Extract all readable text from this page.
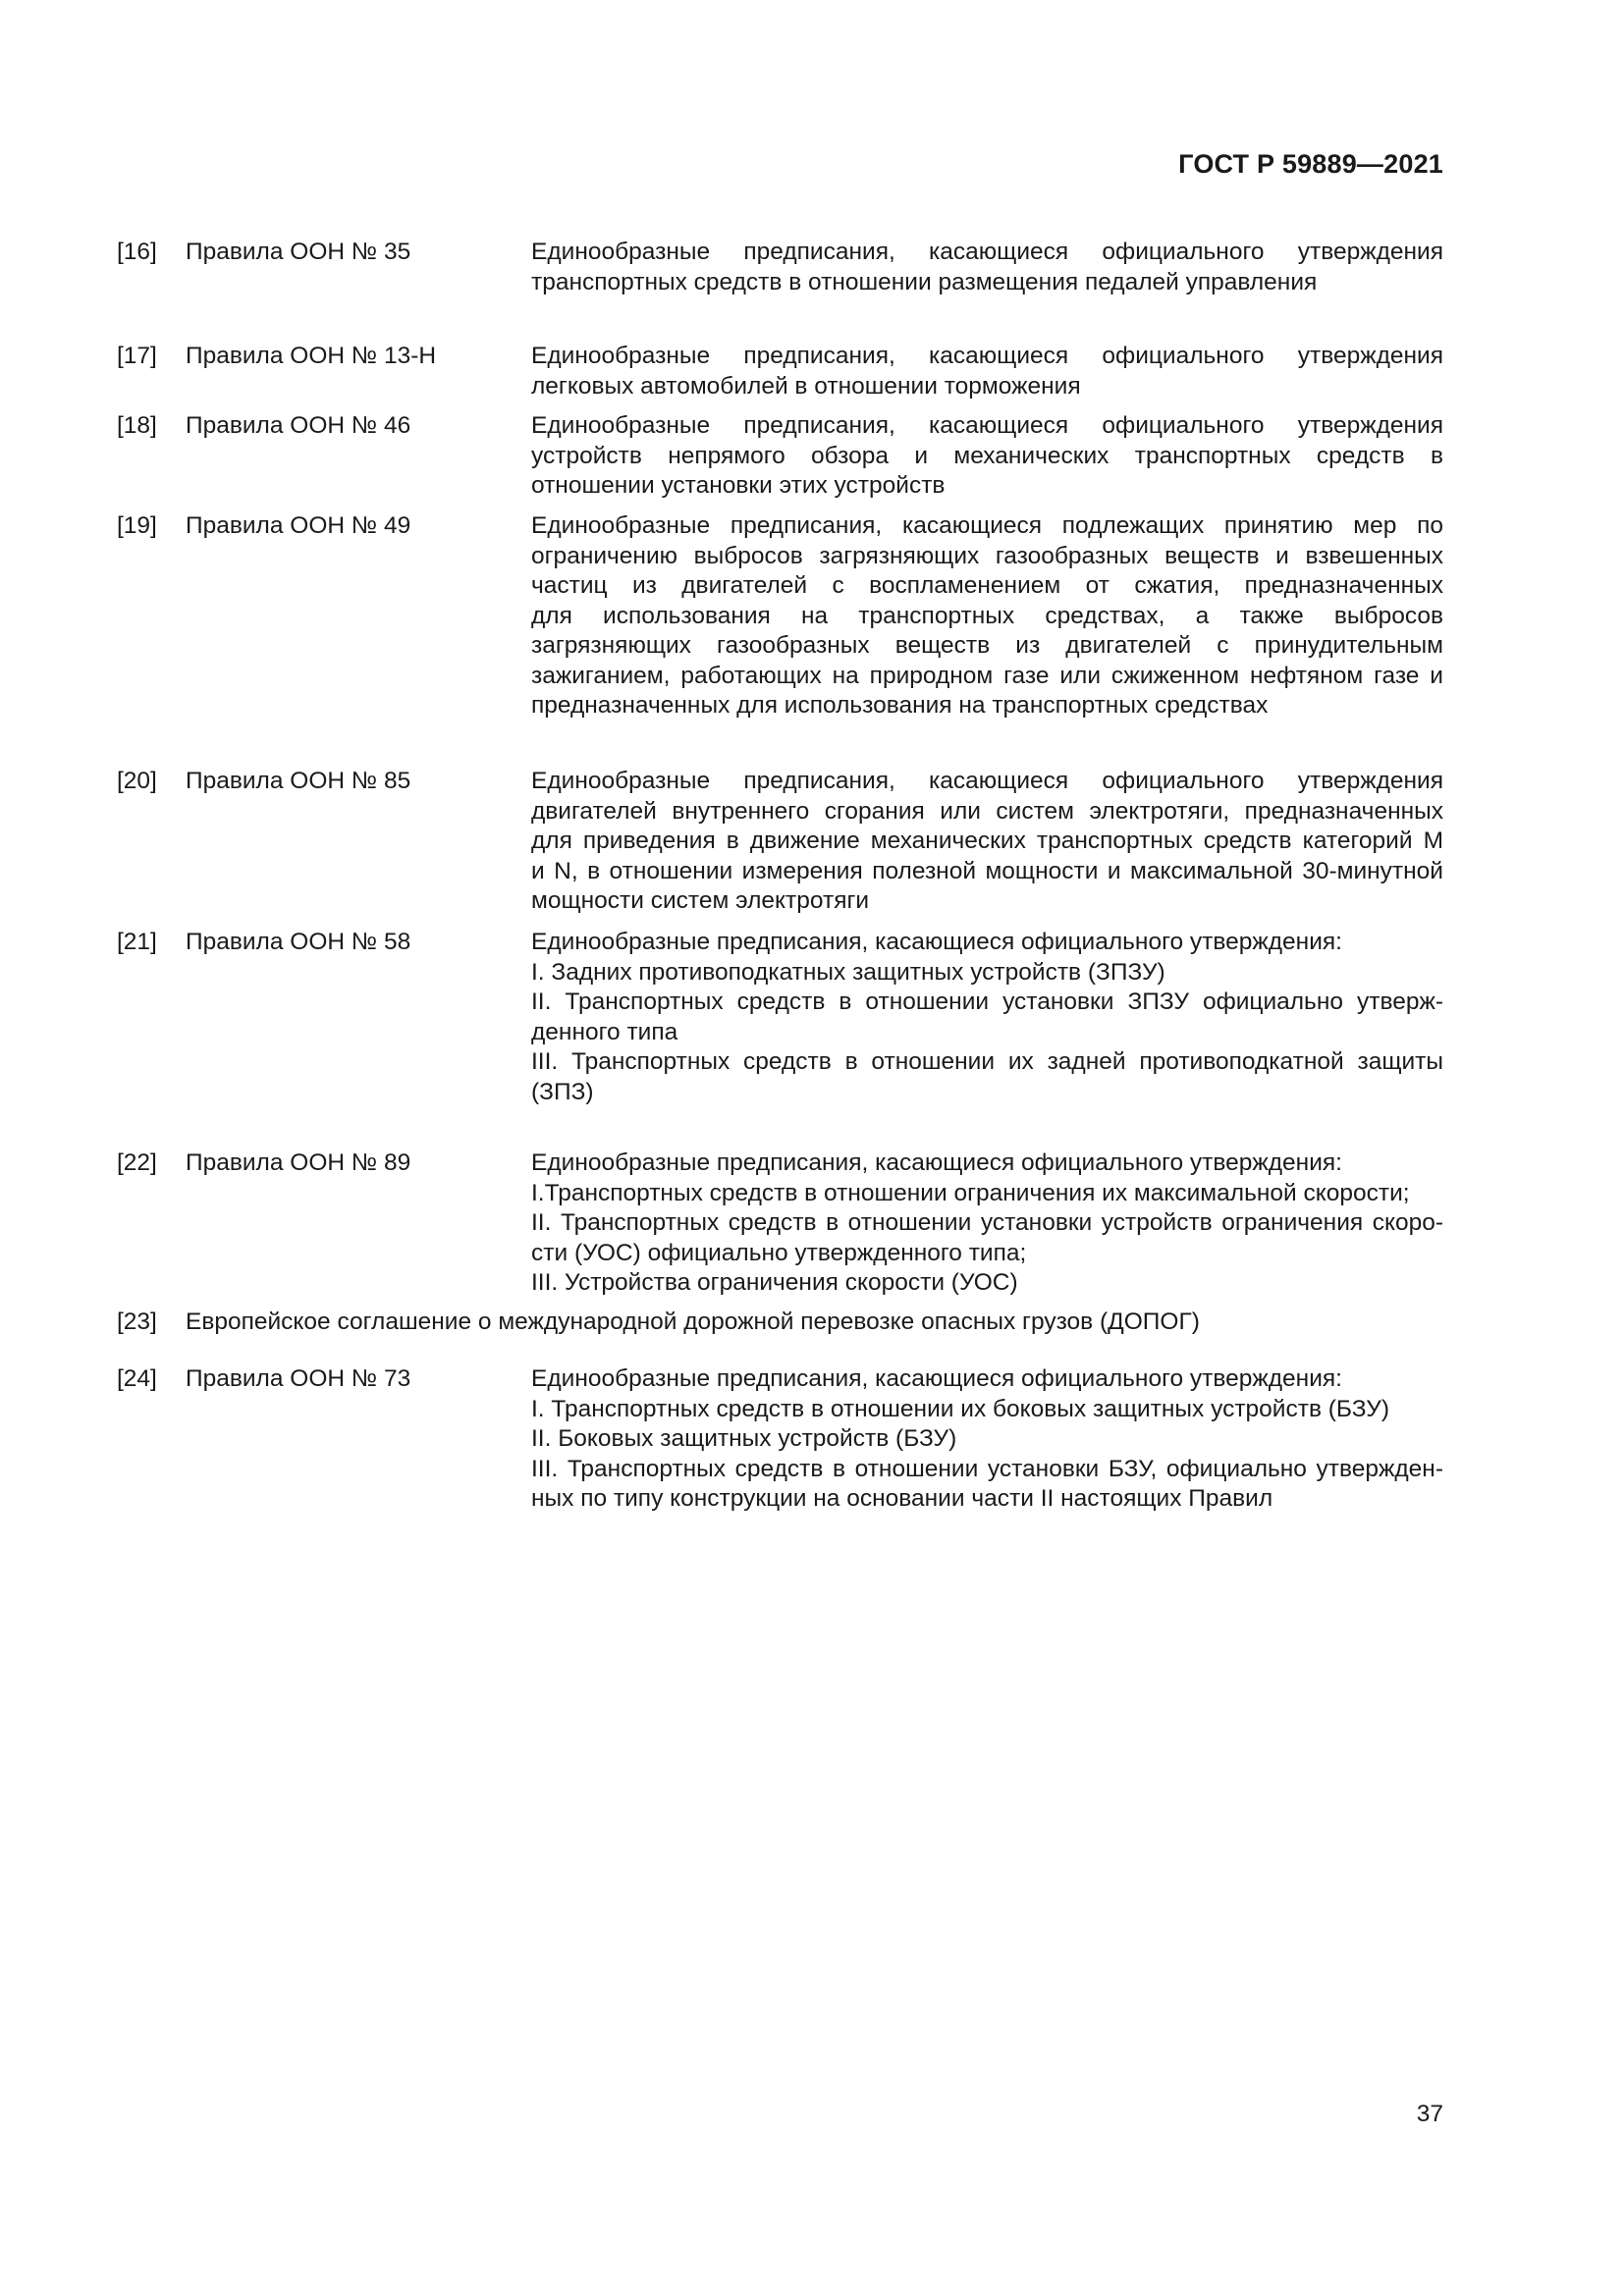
ГОСТ Р 59889—2021
[16]	Правила ООН № 35	Единообразные предписания, касающиеся официального утверждения
транспортных средств в отношении размещения педалей управления
[17]	Правила ООН № 13-Н	Единообразные предписания, касающиеся официального утверждения
легковых автомобилей в отношении торможения
[18]	Правила ООН № 46	Единообразные предписания, касающиеся официального утверждения
устройств непрямого обзора и механических транспортных средств в
отношении установки этих устройств
[19]	Правила ООН № 49	Единообразные предписания, касающиеся подлежащих принятию мер по
ограничению выбросов загрязняющих газообразных веществ и взвешенных
частиц из двигателей с воспламенением от сжатия, предназначенных
для использования на транспортных средствах, а также выбросов
загрязняющих газообразных веществ из двигателей с принудительным
зажиганием, работающих на природном газе или сжиженном нефтяном газе и
предназначенных для использования на транспортных средствах
[20]	Правила ООН № 85	Единообразные предписания, касающиеся официального утверждения
двигателей внутреннего сгорания или систем электротяги, предназначенных
для приведения в движение механических транспортных средств категорий М
и N, в отношении измерения полезной мощности и максимальной 30-минутной
мощности систем электротяги
[21]	Правила ООН № 58	Единообразные предписания, касающиеся официального утверждения:
I. Задних противоподкатных защитных устройств (ЗПЗУ)
II. Транспортных средств в отношении установки ЗПЗУ официально утверж-
денного типа
III. Транспортных средств в отношении их задней противоподкатной защиты
(ЗПЗ)
[22]	Правила ООН № 89	Единообразные предписания, касающиеся официального утверждения:
I.Транспортных средств в отношении ограничения их максимальной скорости;
II. Транспортных средств в отношении установки устройств ограничения скоро-
сти (УОС) официально утвержденного типа;
III. Устройства ограничения скорости (УОС)
[23]	Европейское соглашение о международной дорожной перевозке опасных грузов (ДОПОГ)
[24]	Правила ООН № 73	Единообразные предписания, касающиеся официального утверждения:
I. Транспортных средств в отношении их боковых защитных устройств (БЗУ)
II. Боковых защитных устройств (БЗУ)
III. Транспортных средств в отношении установки БЗУ, официально утвержден-
ных по типу конструкции на основании части II настоящих Правил
37
